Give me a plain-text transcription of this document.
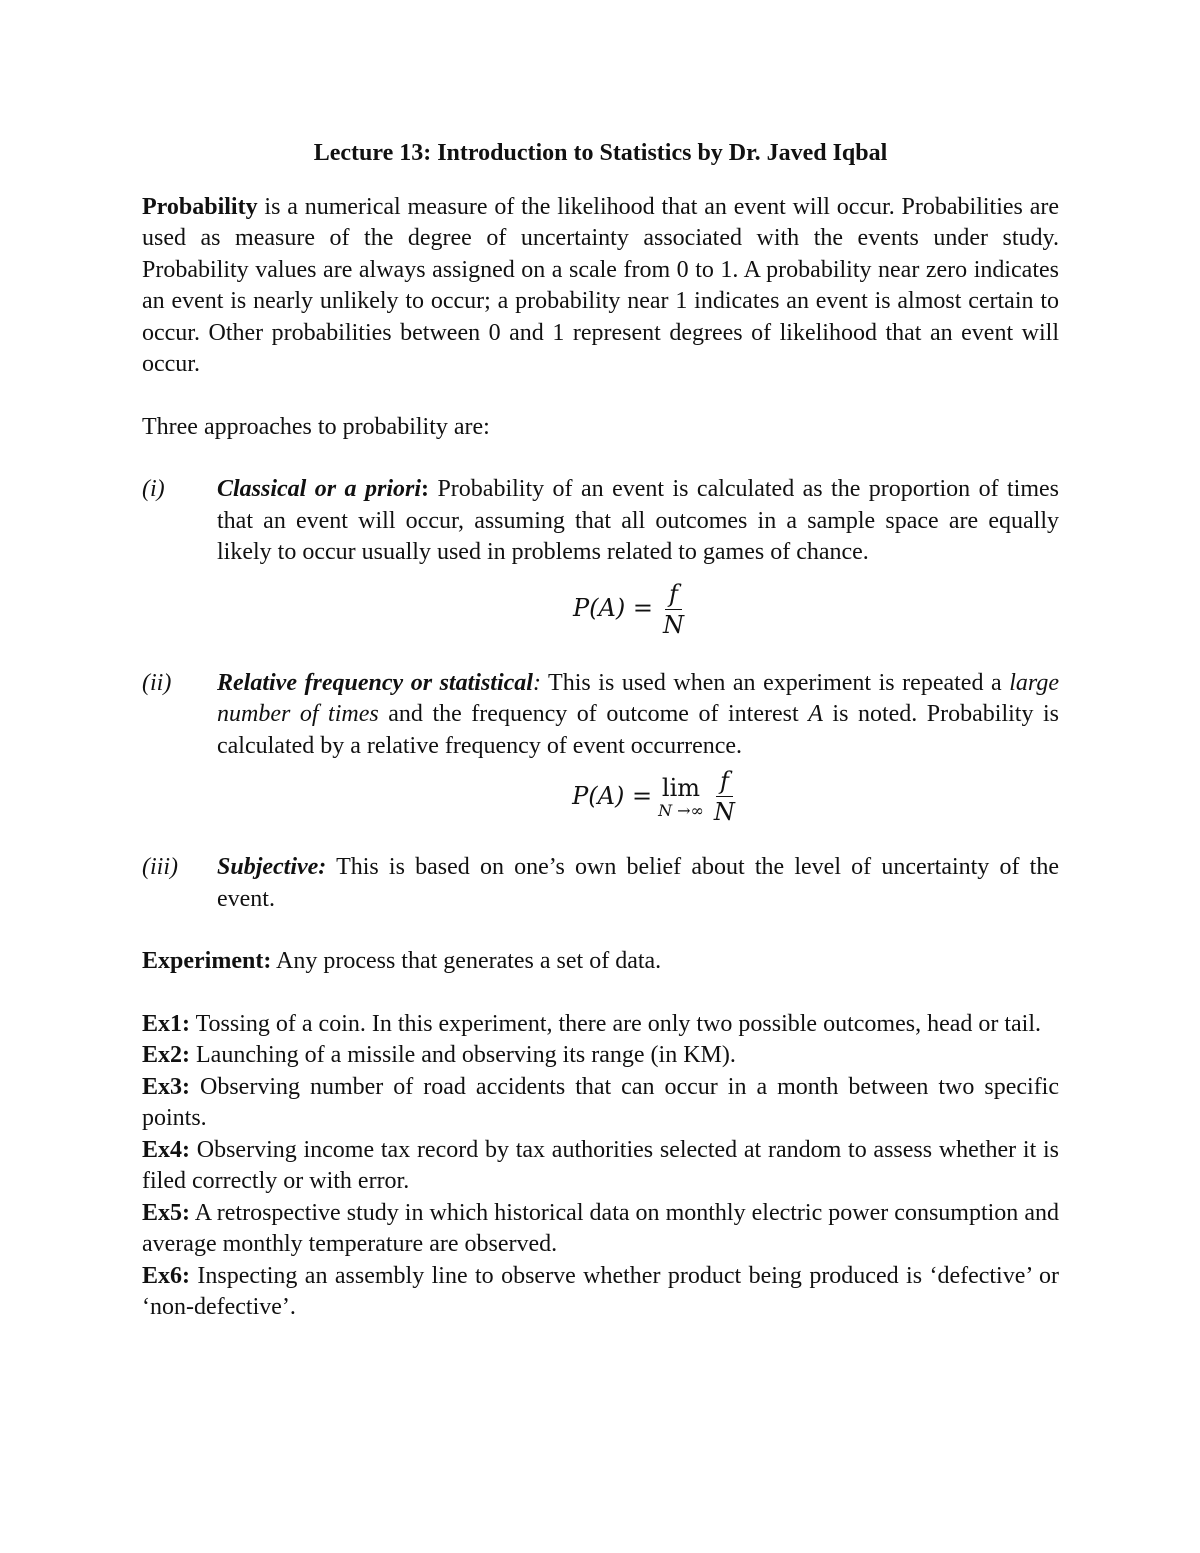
Lecture 13: Introduction to Statistics by Dr. Javed Iqbal

Probability is a numerical measure of the likelihood that an event will occur. Probabilities are used as measure of the degree of uncertainty associated with the events under study. Probability values are always assigned on a scale from 0 to 1. A probability near zero indicates an event is nearly unlikely to occur; a probability near 1 indicates an event is almost certain to occur. Other probabilities between 0 and 1 represent degrees of likelihood that an event will occur.

Three approaches to probability are:

(i) Classical or a priori: Probability of an event is calculated as the proportion of times that an event will occur, assuming that all outcomes in a sample space are equally likely to occur usually used in problems related to games of chance.
$P(A) = \frac{f}{N}$
(ii) Relative frequency or statistical: This is used when an experiment is repeated a large number of times and the frequency of outcome of interest A is noted. Probability is calculated by a relative frequency of event occurrence.
P(A) = lim
N →∞ $\frac{f}{N}$
(iii) Subjective: This is based on one’s own belief about the level of uncertainty of the event.

Experiment: Any process that generates a set of data.

Ex1: Tossing of a coin. In this experiment, there are only two possible outcomes, head or tail.

Ex2: Launching of a missile and observing its range (in KM).

Ex3: Observing number of road accidents that can occur in a month between two specific points.

Ex4: Observing income tax record by tax authorities selected at random to assess whether it is filed correctly or with error.

Ex5: A retrospective study in which historical data on monthly electric power consumption and average monthly temperature are observed.

Ex6: Inspecting an assembly line to observe whether product being produced is ‘defective’ or ‘non-defective’.
